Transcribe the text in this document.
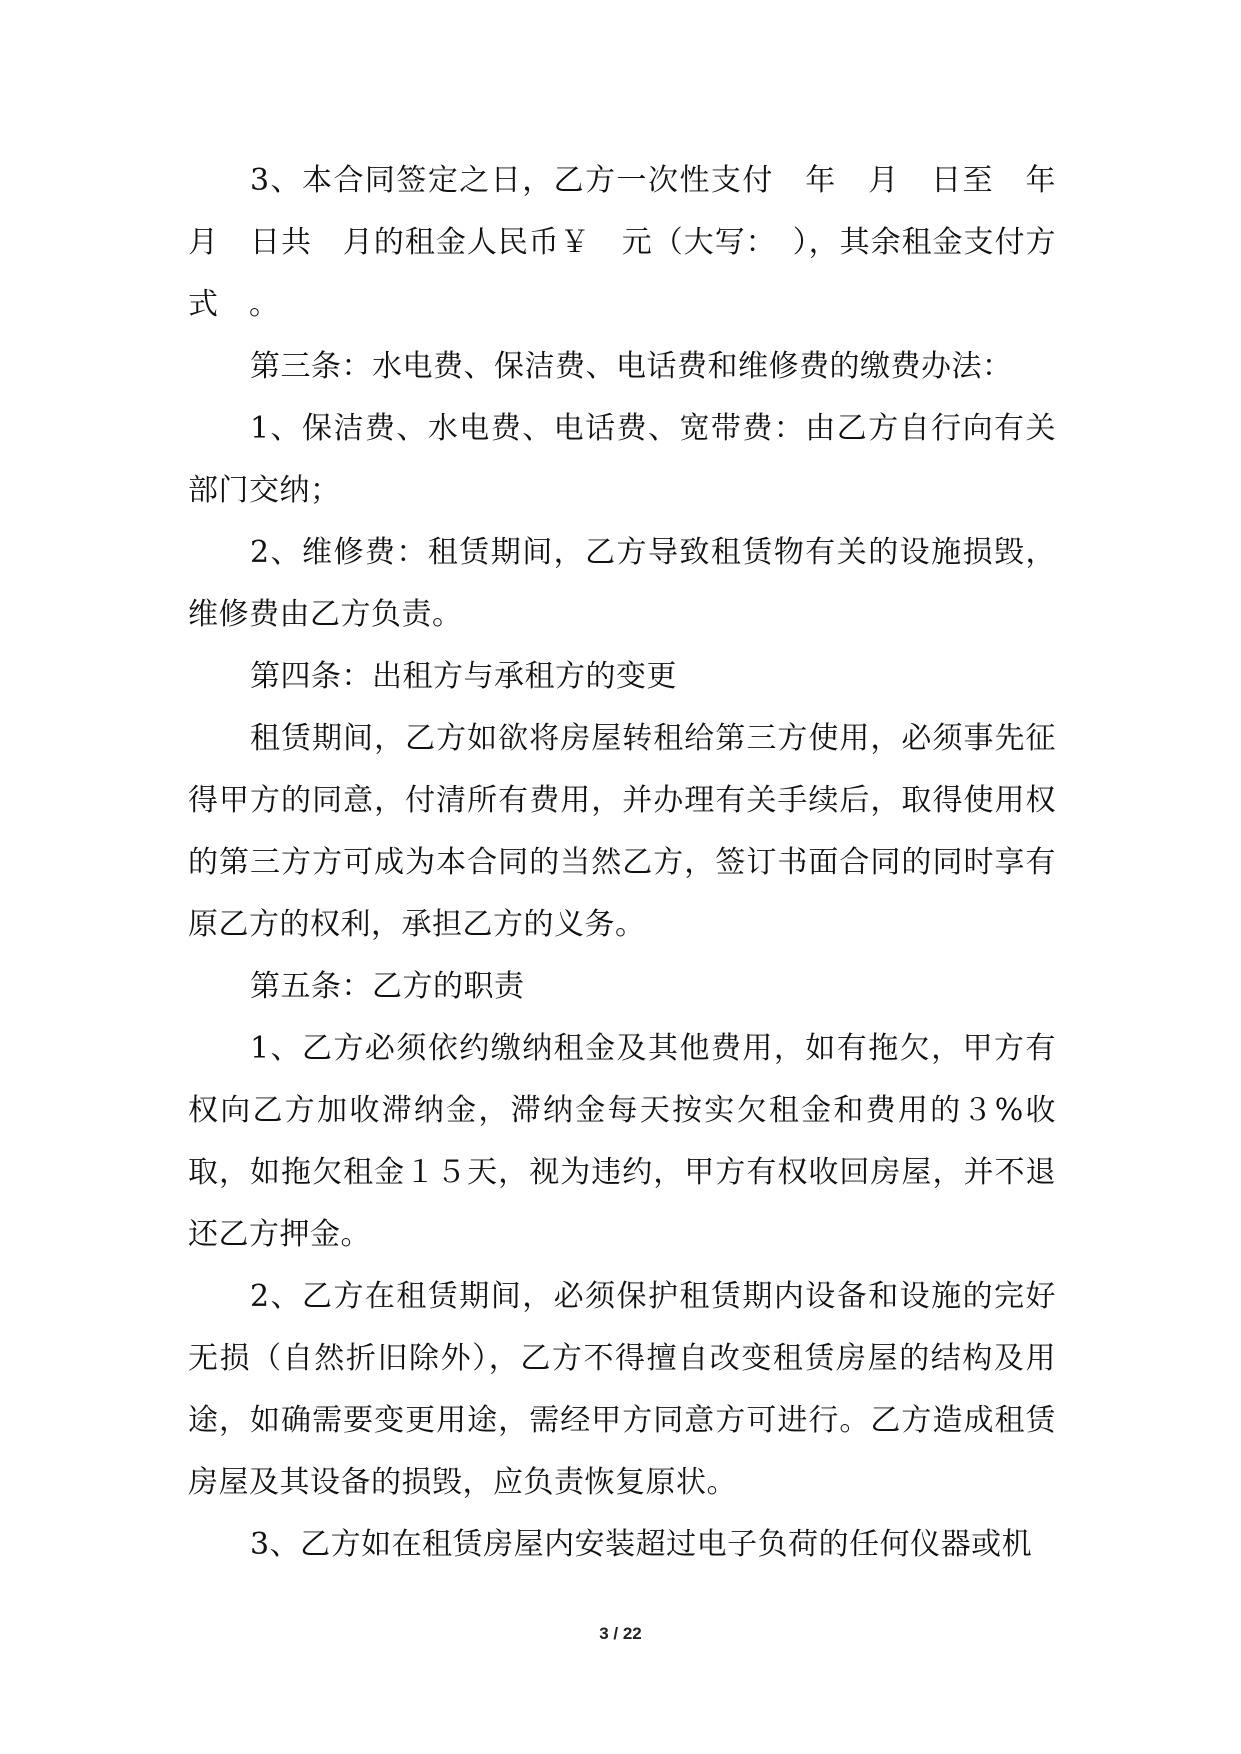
3、本合同签定之日，乙方一次性支付　年　月　日至　年　月　日共　月的租金人民币￥　元（大写：　），其余租金支付方式　。

第三条：水电费、保洁费、电话费和维修费的缴费办法：

1、保洁费、水电费、电话费、宽带费：由乙方自行向有关部门交纳；

2、维修费：租赁期间，乙方导致租赁物有关的设施损毁，维修费由乙方负责。

第四条：出租方与承租方的变更

租赁期间，乙方如欲将房屋转租给第三方使用，必须事先征得甲方的同意，付清所有费用，并办理有关手续后，取得使用权的第三方方可成为本合同的当然乙方，签订书面合同的同时享有原乙方的权利，承担乙方的义务。

第五条：乙方的职责

1、乙方必须依约缴纳租金及其他费用，如有拖欠，甲方有权向乙方加收滞纳金，滞纳金每天按实欠租金和费用的３%收取，如拖欠租金１５天，视为违约，甲方有权收回房屋，并不退还乙方押金。

2、乙方在租赁期间，必须保护租赁期内设备和设施的完好无损（自然折旧除外），乙方不得擅自改变租赁房屋的结构及用途，如确需要变更用途，需经甲方同意方可进行。乙方造成租赁房屋及其设备的损毁，应负责恢复原状。

3、乙方如在租赁房屋内安装超过电子负荷的任何仪器或机

3 / 22
